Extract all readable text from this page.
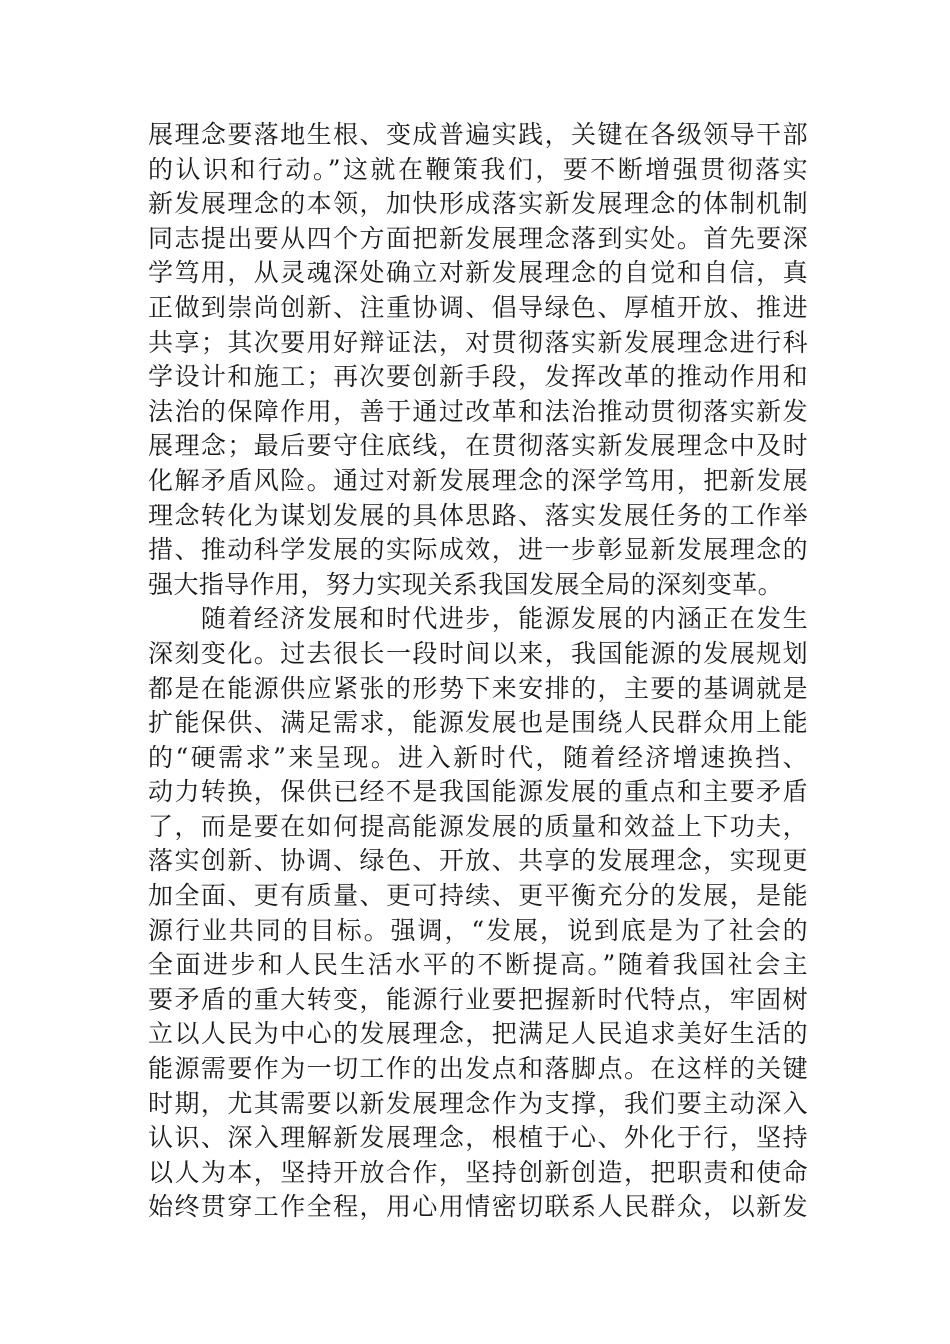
展理念要落地生根、变成普遍实践，关键在各级领导干部
的认识和行动。”这就在鞭策我们，要不断增强贯彻落实
新发展理念的本领，加快形成落实新发展理念的体制机制
同志提出要从四个方面把新发展理念落到实处。首先要深
学笃用，从灵魂深处确立对新发展理念的自觉和自信，真
正做到崇尚创新、注重协调、倡导绿色、厚植开放、推进
共享；其次要用好辩证法，对贯彻落实新发展理念进行科
学设计和施工；再次要创新手段，发挥改革的推动作用和
法治的保障作用，善于通过改革和法治推动贯彻落实新发
展理念；最后要守住底线，在贯彻落实新发展理念中及时
化解矛盾风险。通过对新发展理念的深学笃用，把新发展
理念转化为谋划发展的具体思路、落实发展任务的工作举
措、推动科学发展的实际成效，进一步彰显新发展理念的
强大指导作用，努力实现关系我国发展全局的深刻变革。
　　随着经济发展和时代进步，能源发展的内涵正在发生
深刻变化。过去很长一段时间以来，我国能源的发展规划
都是在能源供应紧张的形势下来安排的，主要的基调就是
扩能保供、满足需求，能源发展也是围绕人民群众用上能
的“硬需求”来呈现。进入新时代，随着经济增速换挡、
动力转换，保供已经不是我国能源发展的重点和主要矛盾
了，而是要在如何提高能源发展的质量和效益上下功夫，
落实创新、协调、绿色、开放、共享的发展理念，实现更
加全面、更有质量、更可持续、更平衡充分的发展，是能
源行业共同的目标。强调，“发展，说到底是为了社会的
全面进步和人民生活水平的不断提高。”随着我国社会主
要矛盾的重大转变，能源行业要把握新时代特点，牢固树
立以人民为中心的发展理念，把满足人民追求美好生活的
能源需要作为一切工作的出发点和落脚点。在这样的关键
时期，尤其需要以新发展理念作为支撑，我们要主动深入
认识、深入理解新发展理念，根植于心、外化于行，坚持
以人为本，坚持开放合作，坚持创新创造，把职责和使命
始终贯穿工作全程，用心用情密切联系人民群众，以新发
